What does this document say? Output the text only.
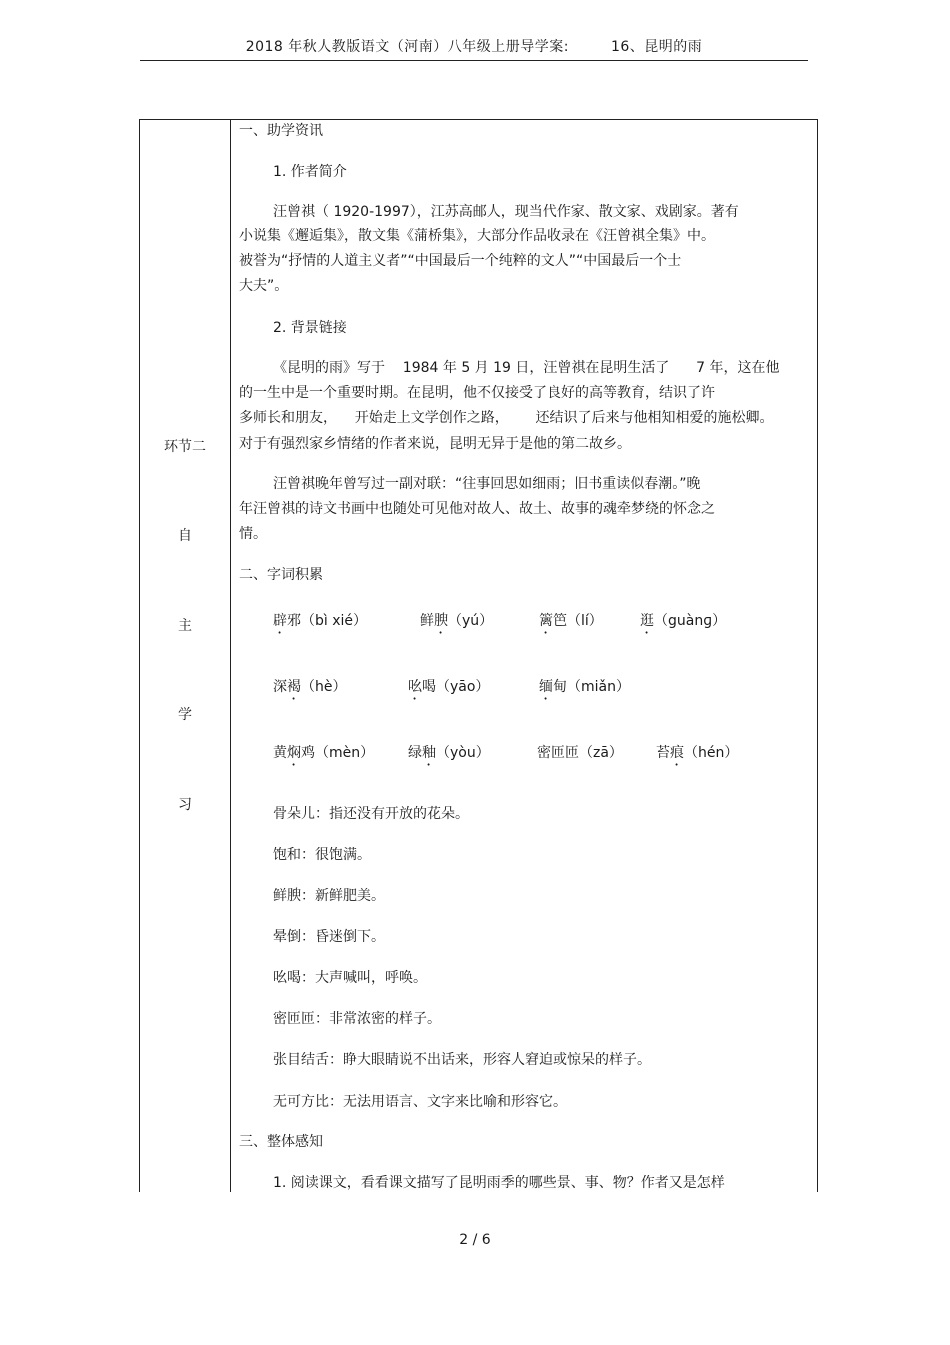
2018 年秋人教版语文（河南）八年级上册导学案:	16、昆明的雨
环节二
自
主
学
习
一、助学资讯
1. 作者简介
汪曾祺（ 1920-1997），江苏高邮人，现当代作家、散文家、戏剧家。著有
小说集《邂逅集》，散文集《蒲桥集》，大部分作品收录在《汪曾祺全集》中。
被誉为“抒情的人道主义者”“中国最后一个纯粹的文人”“中国最后一个士
大夫”。
2. 背景链接
《昆明的雨》写于    1984 年 5 月 19 日，汪曾祺在昆明生活了      7 年，这在他
的一生中是一个重要时期。在昆明，他不仅接受了良好的高等教育，结识了许
多师长和朋友，    开始走上文学创作之路，      还结识了后来与他相知相爱的施松卿。
对于有强烈家乡情绪的作者来说，昆明无异于是他的第二故乡。
汪曾祺晚年曾写过一副对联：“往事回思如细雨；旧书重读似春潮。”晚
年汪曾祺的诗文书画中也随处可见他对故人、故土、故事的魂牵梦绕的怀念之
情。
二、字词积累
辟邪（bì xié）	鲜腴（yú）	篱笆（lí）	逛（guànɡ）
深褐（hè）	吆喝（yāo）	缅甸（miǎn）
黄焖鸡（mèn） 绿釉（yòu）	密匝匝（zā） 苔痕（hén）
骨朵儿：指还没有开放的花朵。
饱和：很饱满。
鲜腴：新鲜肥美。
晕倒：昏迷倒下。
吆喝：大声喊叫，呼唤。
密匝匝：非常浓密的样子。
张目结舌：睁大眼睛说不出话来，形容人窘迫或惊呆的样子。
无可方比：无法用语言、文字来比喻和形容它。
三、整体感知
1. 阅读课文，看看课文描写了昆明雨季的哪些景、事、物？作者又是怎样
2 / 6
